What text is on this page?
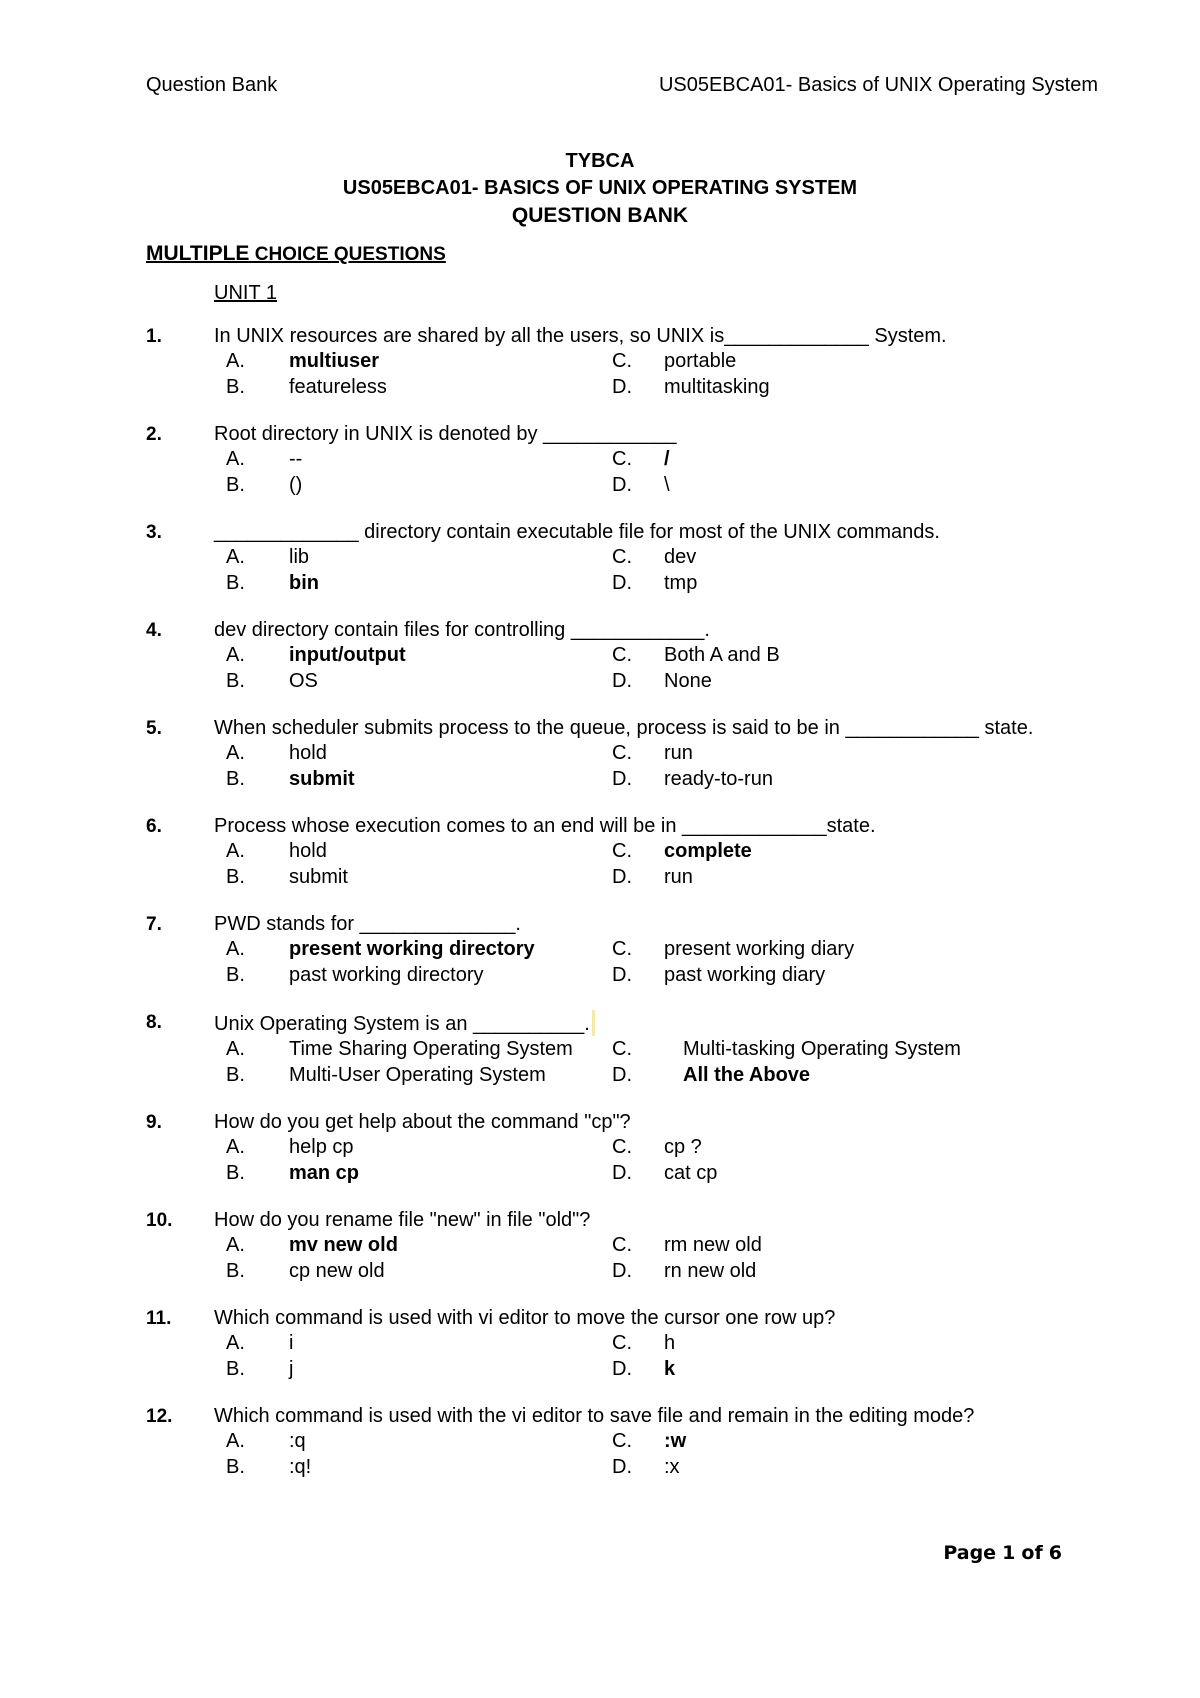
Question Bank	US05EBCA01- Basics of UNIX Operating System
TYBCA
US05EBCA01- BASICS OF UNIX OPERATING SYSTEM
QUESTION BANK
MULTIPLE CHOICE QUESTIONS
UNIT 1
1.	In UNIX resources are shared by all the users, so UNIX is_____________ System.
A.	multiuser	C.	portable
B.	featureless	D.	multitasking
2.	Root directory in UNIX is denoted by ____________
A.	--	C.	/
B.	()	D.	\
3.	_____________ directory contain executable file for most of the UNIX commands.
A.	lib	C.	dev
B.	bin	D.	tmp
4.	dev directory contain files for controlling ____________.
A.	input/output	C.	Both A and B
B.	OS	D.	None
5.	When scheduler submits process to the queue, process is said to be in ____________ state.
A.	hold	C.	run
B.	submit	D.	ready-to-run
6.	Process whose execution comes to an end will be in _____________state.
A.	hold	C.	complete
B.	submit	D.	run
7.	PWD stands for ______________.
A.	present working directory	C.	present working diary
B.	past working directory	D.	past working diary
8.	Unix Operating System is an __________.
A.	Time Sharing Operating System	C.	Multi-tasking Operating System
B.	Multi-User Operating System	D.	All the Above
9.	How do you get help about the command "cp"?
A.	help cp	C.	cp ?
B.	man cp	D.	cat cp
10. How do you rename file "new" in file "old"?
A.	mv new old	C.	rm new old
B.	cp new old	D.	rn new old
11. Which command is used with vi editor to move the cursor one row up?
A.	i	C.	h
B.	j	D.	k
12. Which command is used with the vi editor to save file and remain in the editing mode?
A.	:q	C.	:w
B.	:q!	D.	:x
Page 1 of 6
